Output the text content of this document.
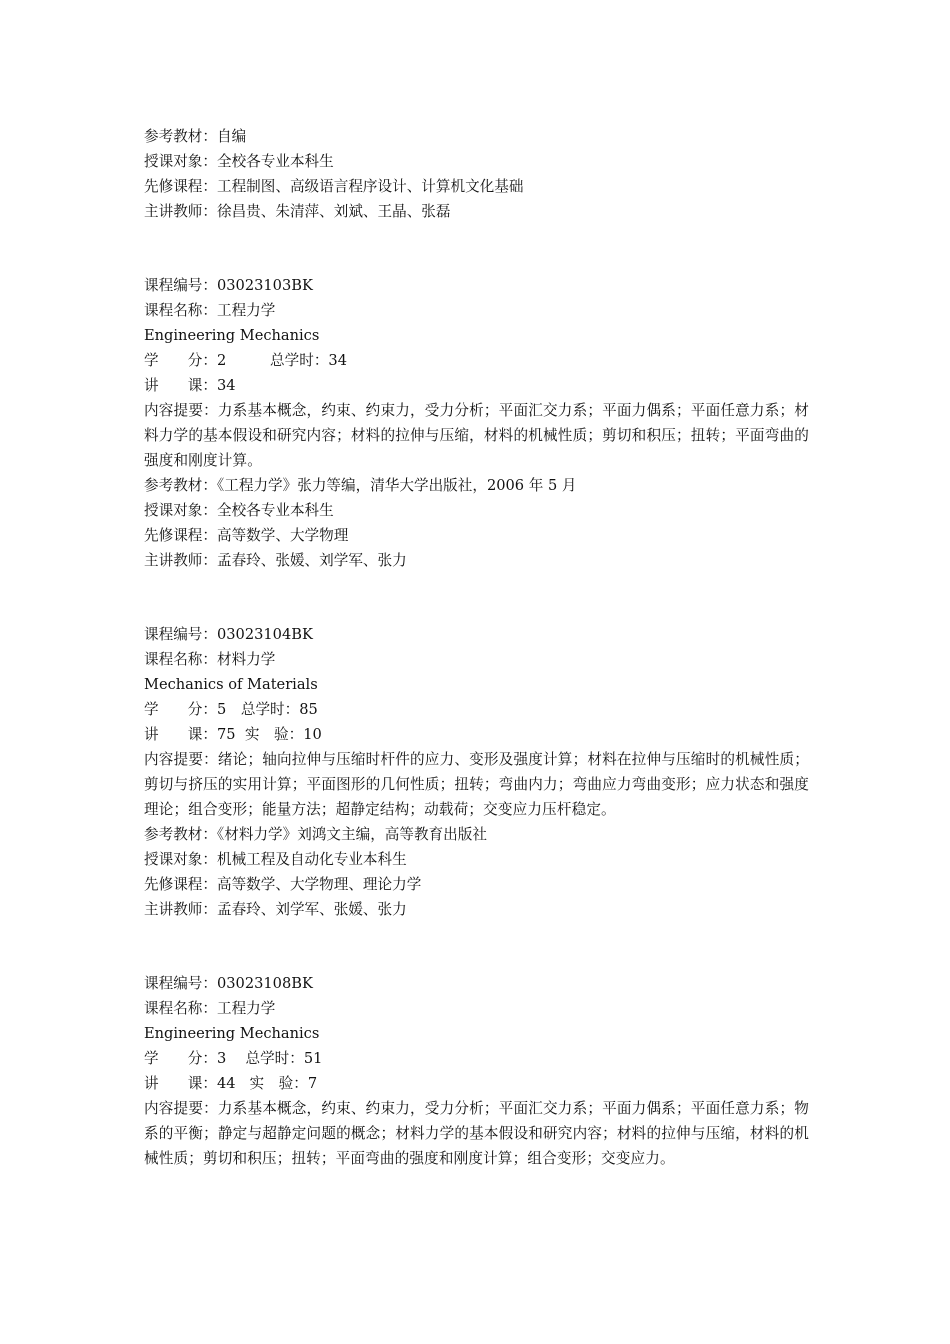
参考教材：自编

授课对象：全校各专业本科生

先修课程：工程制图、高级语言程序设计、计算机文化基础

主讲教师：徐昌贵、朱清萍、刘斌、王晶、张磊

课程编号：03023103BK

课程名称：工程力学

Engineering Mechanics

学　　分：2　　　总学时：34

讲　　课：34

内容提要：力系基本概念，约束、约束力，受力分析；平面汇交力系；平面力偶系；平面任意力系；材料力学的基本假设和研究内容；材料的拉伸与压缩，材料的机械性质；剪切和积压；扭转；平面弯曲的强度和刚度计算。

参考教材：《工程力学》张力等编，清华大学出版社，2006 年 5 月

授课对象：全校各专业本科生

先修课程：高等数学、大学物理

主讲教师：孟春玲、张媛、刘学军、张力

课程编号：03023104BK

课程名称：材料力学

Mechanics of Materials

学　　分：5　总学时：85

讲　　课：75  实　验：10

内容提要：绪论；轴向拉伸与压缩时杆件的应力、变形及强度计算；材料在拉伸与压缩时的机械性质；剪切与挤压的实用计算；平面图形的几何性质；扭转；弯曲内力；弯曲应力弯曲变形；应力状态和强度理论；组合变形；能量方法；超静定结构；动载荷；交变应力压杆稳定。

参考教材：《材料力学》刘鸿文主编，高等教育出版社

授课对象：机械工程及自动化专业本科生

先修课程：高等数学、大学物理、理论力学

主讲教师：孟春玲、刘学军、张媛、张力

课程编号：03023108BK

课程名称：工程力学

Engineering Mechanics

学　　分：3　 总学时：51

讲　　课：44   实　验：7

内容提要：力系基本概念，约束、约束力，受力分析；平面汇交力系；平面力偶系；平面任意力系；物系的平衡；静定与超静定问题的概念；材料力学的基本假设和研究内容；材料的拉伸与压缩，材料的机械性质；剪切和积压；扭转；平面弯曲的强度和刚度计算；组合变形；交变应力。
